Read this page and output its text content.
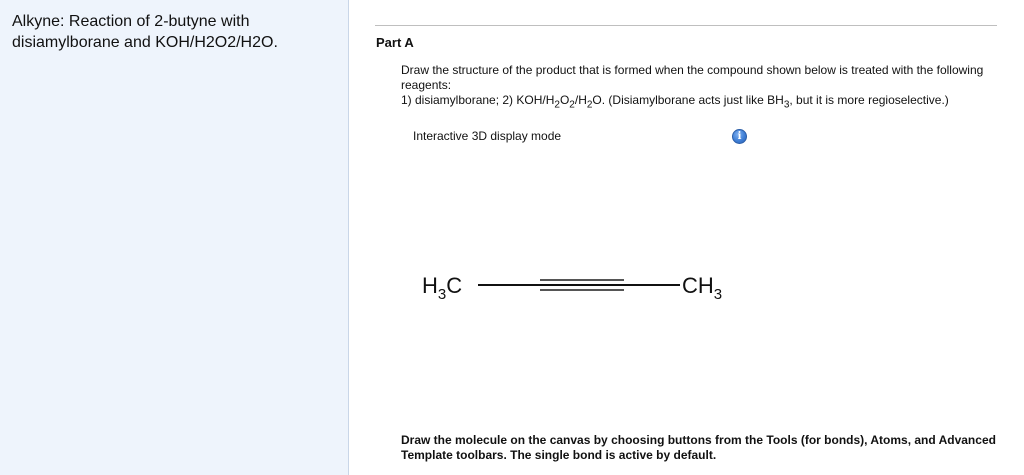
Alkyne: Reaction of 2-butyne with disiamylborane and KOH/H2O2/H2O.	Part A

Draw the structure of the product that is formed when the compound shown below is treated with the following reagents:

1) disiamylborane; 2) KOH/$H_2O_2/H_2O$. (Disiamylborane acts just like $BH_3$, but it is more regioselective.)

Interactive 3D display mode	i
$H_3C$	$CH_3$
Draw the molecule on the canvas by choosing buttons from the Tools (for bonds), Atoms, and Advanced Template toolbars. The single bond is active by default.
